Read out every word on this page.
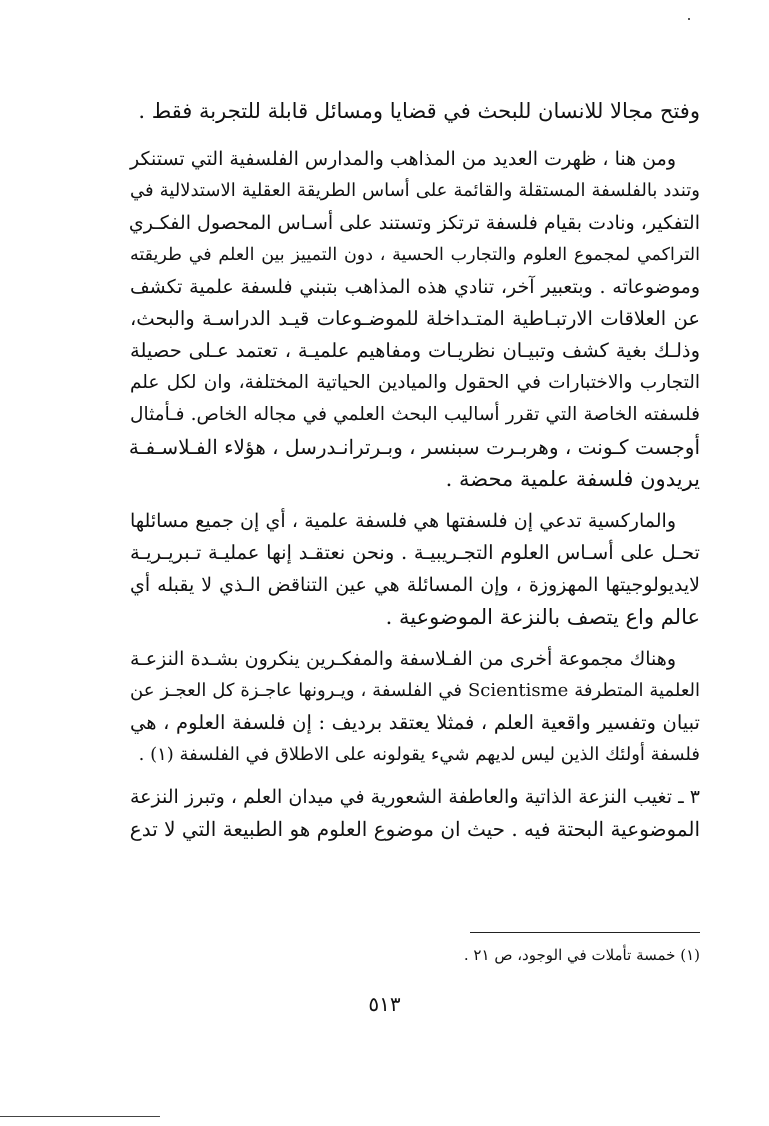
وفتح مجالا للانسان للبحث في قضايا ومسائل قابلة للتجربة فقط .
ومن هنا ، ظهرت العديد من المذاهب والمدارس الفلسفية التي تستنكر
وتندد بالفلسفة المستقلة والقائمة على أساس الطريقة العقلية الاستدلالية في
التفكير، ونادت بقيام فلسفة ترتكز وتستند على أسـاس المحصول الفكـري
التراكمي لمجموع العلوم والتجارب الحسية ، دون التمييز بين العلم في طريقته
وموضوعاته . وبتعبير آخر، تنادي هذه المذاهب بتبني فلسفة علمية تكشف
عن العلاقات الارتبـاطية المتـداخلة للموضـوعات قيـد الدراسـة والبحث،
وذلـك بغية كشف وتبيـان نظريـات ومفاهيم علميـة ، تعتمد عـلى حصيلة
التجارب والاختبارات في الحقول والميادين الحياتية المختلفة، وان لكل علم
فلسفته الخاصة التي تقرر أساليب البحث العلمي في مجاله الخاص. فـأمثال
أوجست كـونت ، وهربـرت سبنسر ، وبـرترانـدرسل ، هؤلاء الفـلاسـفـة
يريدون فلسفة علمية محضة .
والماركسية تدعي إن فلسفتها هي فلسفة علمية ، أي إن جميع مسائلها
تحـل على أسـاس العلوم التجـريبيـة . ونحن نعتقـد إنها عمليـة تـبريـريـة
لايديولوجيتها المهزوزة ، وإن المسائلة هي عين التناقض الـذي لا يقبله أي
عالم واع يتصف بالنزعة الموضوعية .
وهناك مجموعة أخرى من الفـلاسفة والمفكـرين ينكرون بشـدة النزعـة
العلمية المتطرفة Scientisme في الفلسفة ، ويـرونها عاجـزة كل العجـز عن
تبيان وتفسير واقعية العلم ، فمثلا يعتقد برديف : إن فلسفة العلوم ، هي
فلسفة أولئك الذين ليس لديهم شيء يقولونه على الاطلاق في الفلسفة (١) .
٣ ـ تغيب النزعة الذاتية والعاطفة الشعورية في ميدان العلم ، وتبرز النزعة
الموضوعية البحتة فيه . حيث ان موضوع العلوم هو الطبيعة التي لا تدع
(١) خمسة تأملات في الوجود، ص ٢١ .
٥١٣
